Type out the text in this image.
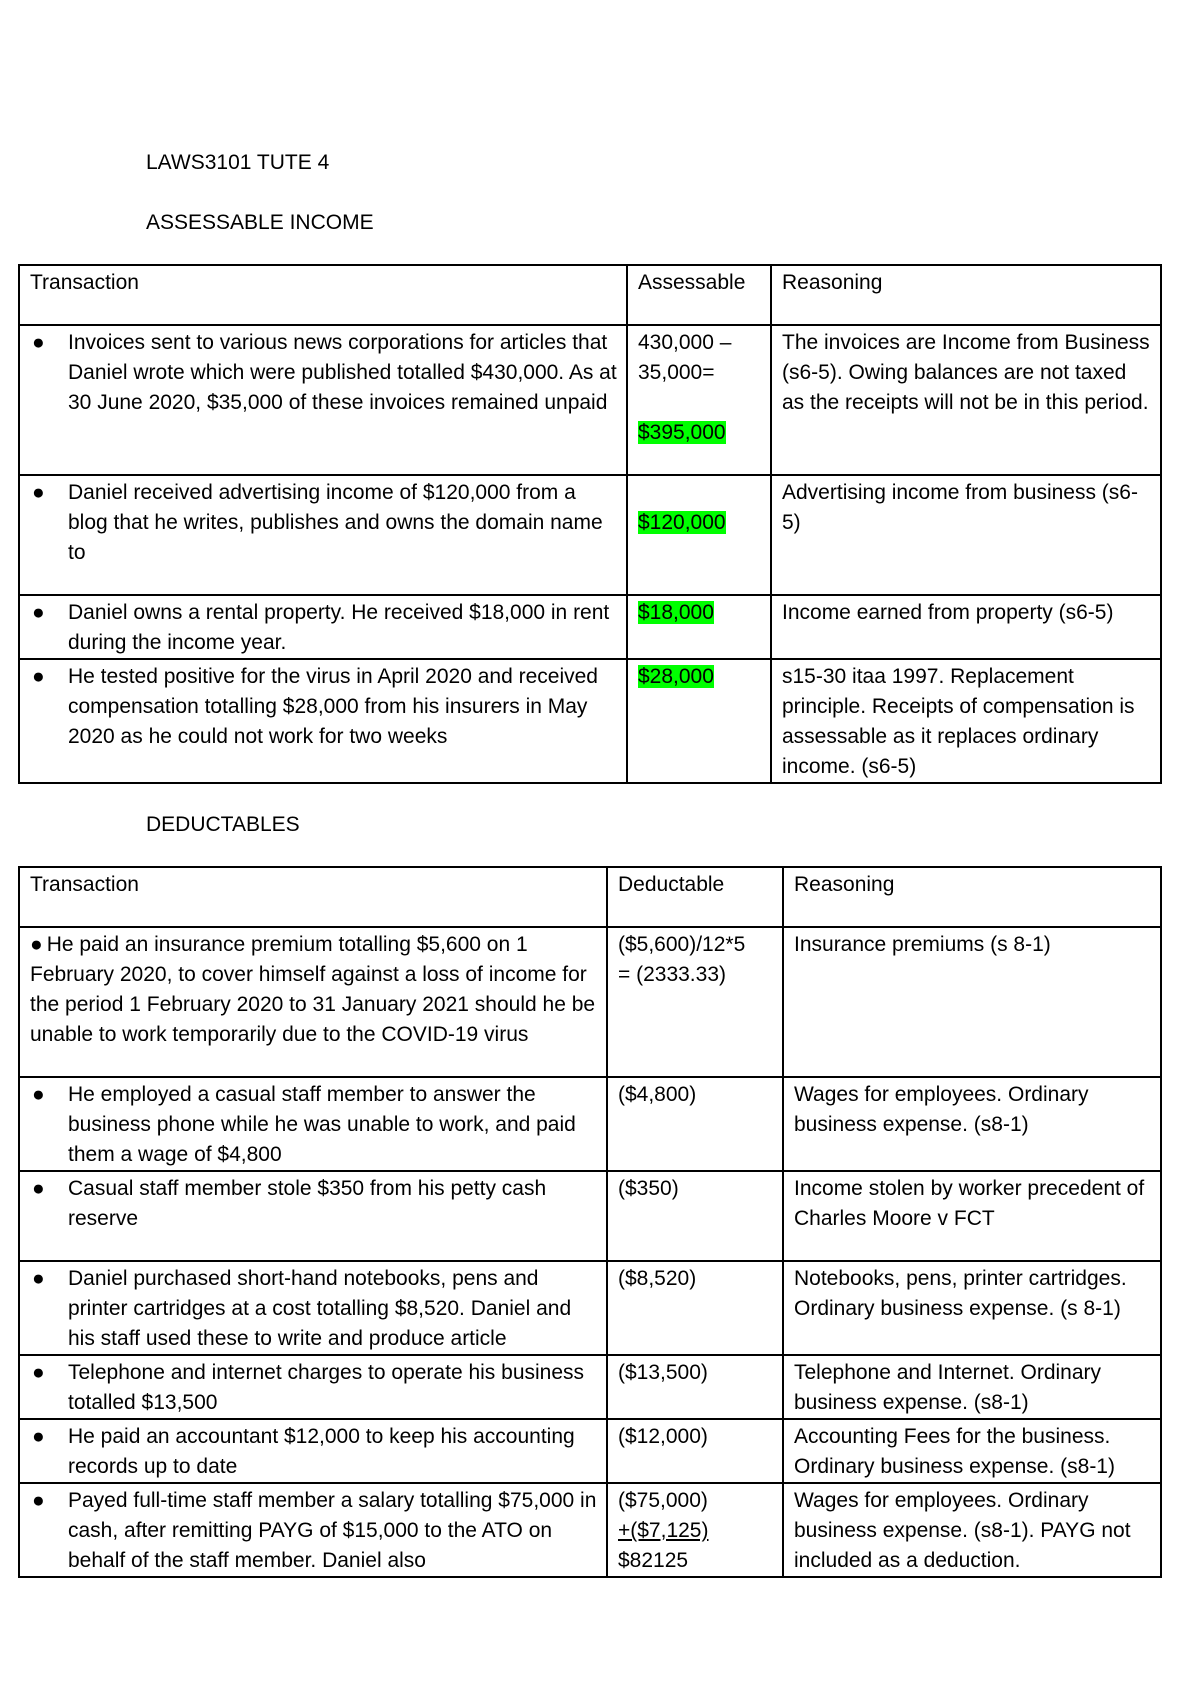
LAWS3101 TUTE 4
ASSESSABLE INCOME
Transaction	Assessable	Reasoning

● Invoices sent to various news corporations for articles that Daniel wrote which were published totalled $430,000. As at 30 June 2020, $35,000 of these invoices remained unpaid	430,000 –
35,000=
$395,000	The invoices are Income from Business (s6-5). Owing balances are not taxed as the receipts will not be in this period.

● Daniel received advertising income of $120,000 from a blog that he writes, publishes and owns the domain name to	$120,000	Advertising income from business (s6-5)

● Daniel owns a rental property. He received $18,000 in rent during the income year.	$18,000	Income earned from property (s6-5)

● He tested positive for the virus in April 2020 and received compensation totalling $28,000 from his insurers in May 2020 as he could not work for two weeks	$28,000	s15-30 itaa 1997. Replacement principle. Receipts of compensation is assessable as it replaces ordinary income. (s6-5)
DEDUCTABLES
Transaction	Deductable	Reasoning
● He paid an insurance premium totalling $5,600 on 1 February 2020, to cover himself against a loss of income for the period 1 February 2020 to 31 January 2021 should he be unable to work temporarily due to the COVID-19 virus	($5,600)/12*5
= (2333.33)	Insurance premiums (s 8-1)

● He employed a casual staff member to answer the business phone while he was unable to work, and paid them a wage of $4,800	($4,800)	Wages for employees. Ordinary business expense. (s8-1)

● Casual staff member stole $350 from his petty cash reserve	($350)	Income stolen by worker precedent of Charles Moore v FCT

● Daniel purchased short-hand notebooks, pens and printer cartridges at a cost totalling $8,520. Daniel and his staff used these to write and produce article	($8,520)	Notebooks, pens, printer cartridges. Ordinary business expense. (s 8-1)

● Telephone and internet charges to operate his business totalled $13,500	($13,500)	Telephone and Internet. Ordinary business expense. (s8-1)

● He paid an accountant $12,000 to keep his accounting records up to date	($12,000)	Accounting Fees for the business. Ordinary business expense. (s8-1)

● Payed full-time staff member a salary totalling $75,000 in cash, after remitting PAYG of $15,000 to the ATO on behalf of the staff member. Daniel also	($75,000)
+($7,125)
$82125	Wages for employees. Ordinary business expense. (s8-1). PAYG not included as a deduction.
